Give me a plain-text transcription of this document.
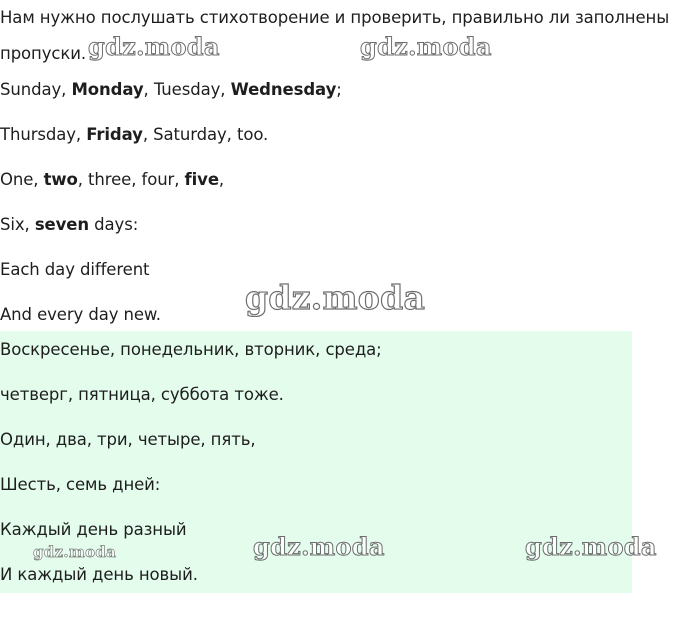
Нам нужно послушать стихотворение и проверить, правильно ли заполнены
пропуски.
Sunday, Monday, Tuesday, Wednesday;
Thursday, Friday, Saturday, too.
One, two, three, four, five,
Six, seven days:
Each day different
And every day new.
Воскресенье, понедельник, вторник, среда;
четверг, пятница, суббота тоже.
Один, два, три, четыре, пять,
Шесть, семь дней:
Каждый день разный
И каждый день новый.
gdz.moda	gdz.moda
gdz.moda
gdz.moda	gdz.moda
gdz.moda
